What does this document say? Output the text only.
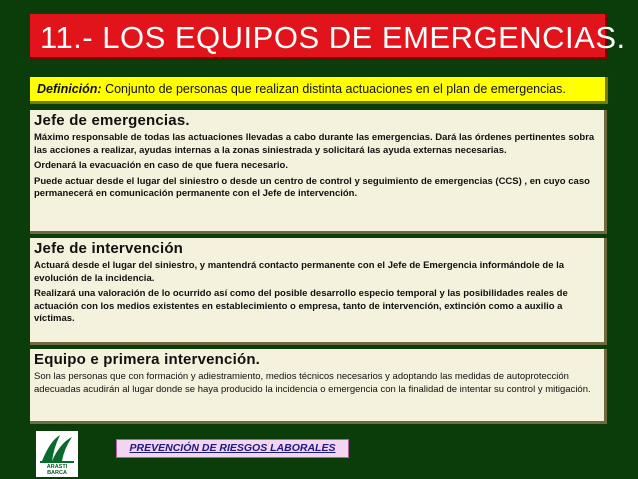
11.- LOS EQUIPOS DE EMERGENCIAS.
Definición: Conjunto de personas que realizan distinta actuaciones en el plan de emergencias.
Jefe de emergencias.

Máximo responsable de todas las actuaciones llevadas a cabo durante las emergencias. Dará las órdenes pertinentes sobra las acciones a realizar, ayudas internas a la zonas siniestrada y solicitará las ayuda externas necesarias.

Ordenará la evacuación en caso de que fuera necesario.

Puede actuar desde el lugar del siniestro o desde un centro de control y seguimiento de emergencias (CCS) , en cuyo caso permanecerá en comunicación permanente con el Jefe de intervención.

Jefe de intervención

Actuará desde el lugar del siniestro, y mantendrá contacto permanente con el Jefe de Emergencia informándole de la evolución de la incidencia.

Realizará una valoración de lo ocurrido así como del posible desarrollo especio temporal y las posibilidades reales de actuación con los medios existentes en establecimiento o empresa, tanto de intervención, extinción como a auxilio a víctimas.

Equipo e primera intervención.

Son las personas que con formación y adiestramiento, medios técnicos necesarios y adoptando las medidas de autoprotección adecuadas acudirán al lugar donde se haya producido la incidencia o emergencia con la finalidad de intentar su control y mitigación.

ARASTI
BARCA
PREVENCIÓN DE RIESGOS LABORALES
